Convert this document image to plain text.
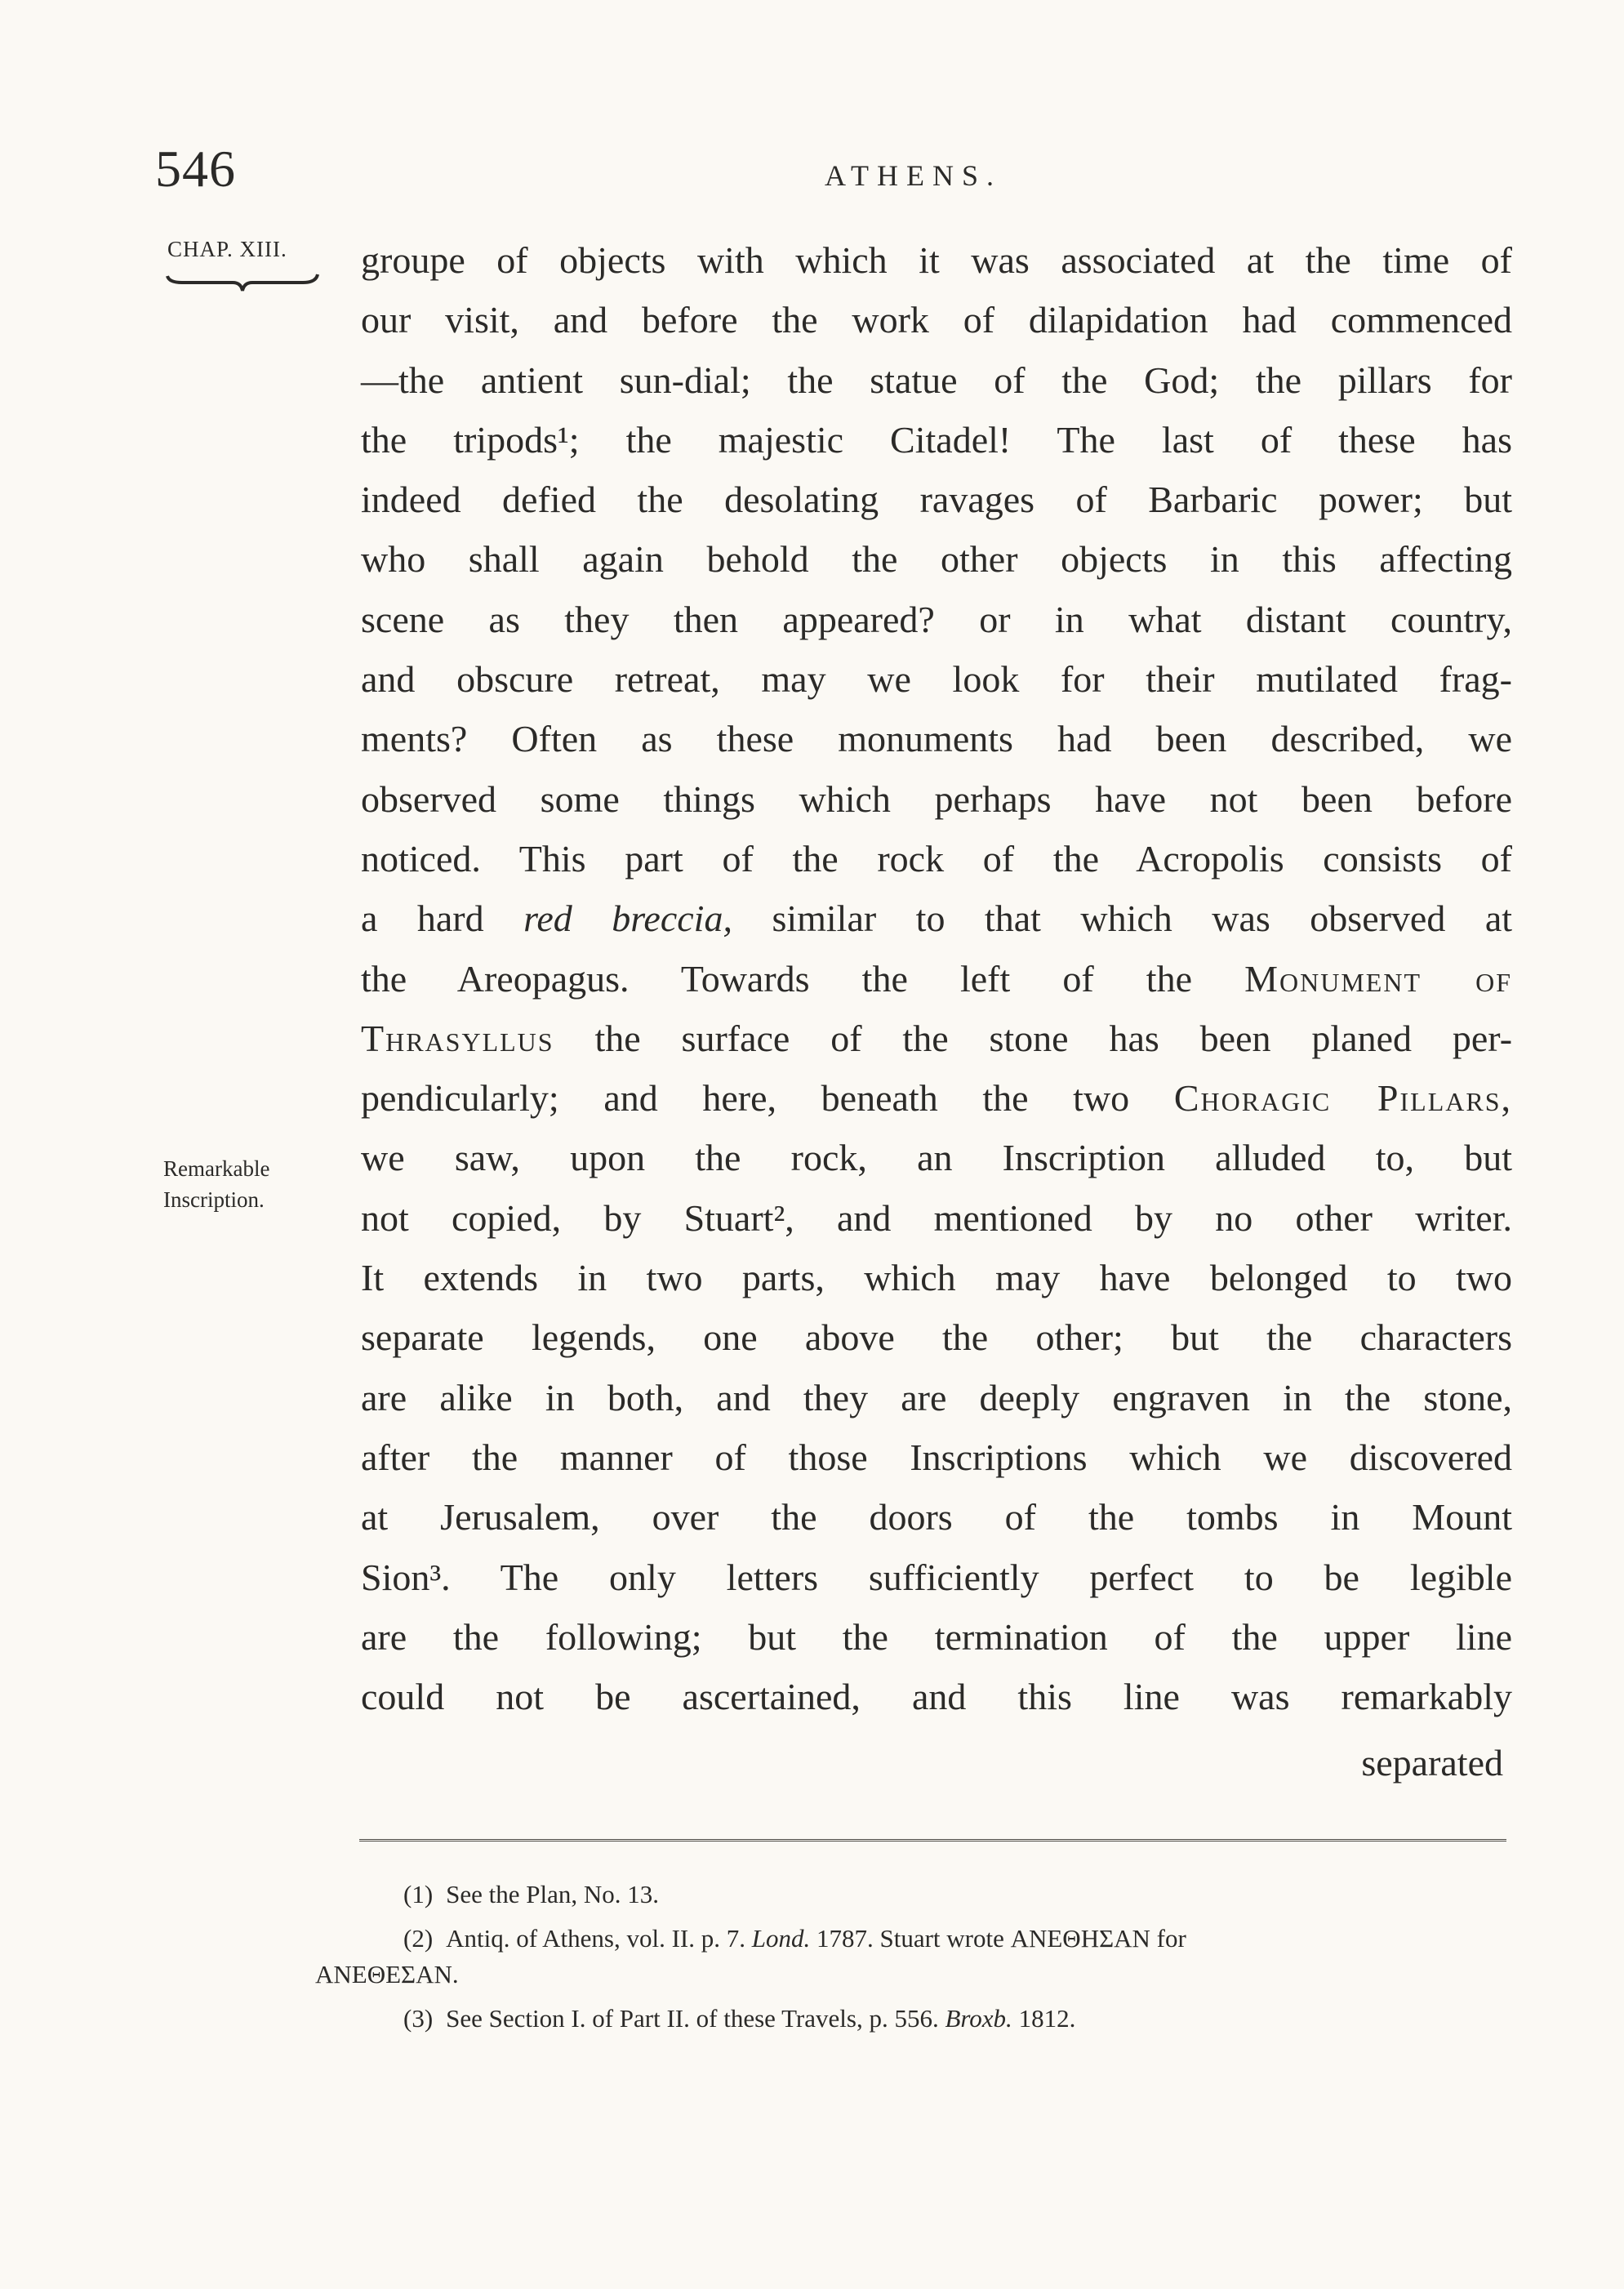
546	ATHENS.
CHAP. XIII.
Remarkable
Inscription.
groupe of objects with which it was associated at the time of
our visit, and before the work of dilapidation had commenced
—the antient sun-dial; the statue of the God; the pillars for
the tripods¹; the majestic Citadel! The last of these has
indeed defied the desolating ravages of Barbaric power; but
who shall again behold the other objects in this affecting
scene as they then appeared? or in what distant country,
and obscure retreat, may we look for their mutilated frag-
ments? Often as these monuments had been described, we
observed some things which perhaps have not been before
noticed. This part of the rock of the Acropolis consists of
a hard red breccia, similar to that which was observed at
the Areopagus. Towards the left of the Monument of
Thrasyllus the surface of the stone has been planed per-
pendicularly; and here, beneath the two Choragic Pillars,
we saw, upon the rock, an Inscription alluded to, but
not copied, by Stuart², and mentioned by no other writer.
It extends in two parts, which may have belonged to two
separate legends, one above the other; but the characters
are alike in both, and they are deeply engraven in the stone,
after the manner of those Inscriptions which we discovered
at Jerusalem, over the doors of the tombs in Mount
Sion³. The only letters sufficiently perfect to be legible
are the following; but the termination of the upper line
could not be ascertained, and this line was remarkably
separated
(1) See the Plan, No. 13.
(2) Antiq. of Athens, vol. II. p. 7. Lond. 1787. Stuart wrote ΑΝΕΘΗΣΑΝ for
ΑΝΕΘΕΣΑΝ.
(3) See Section I. of Part II. of these Travels, p. 556. Broxb. 1812.
